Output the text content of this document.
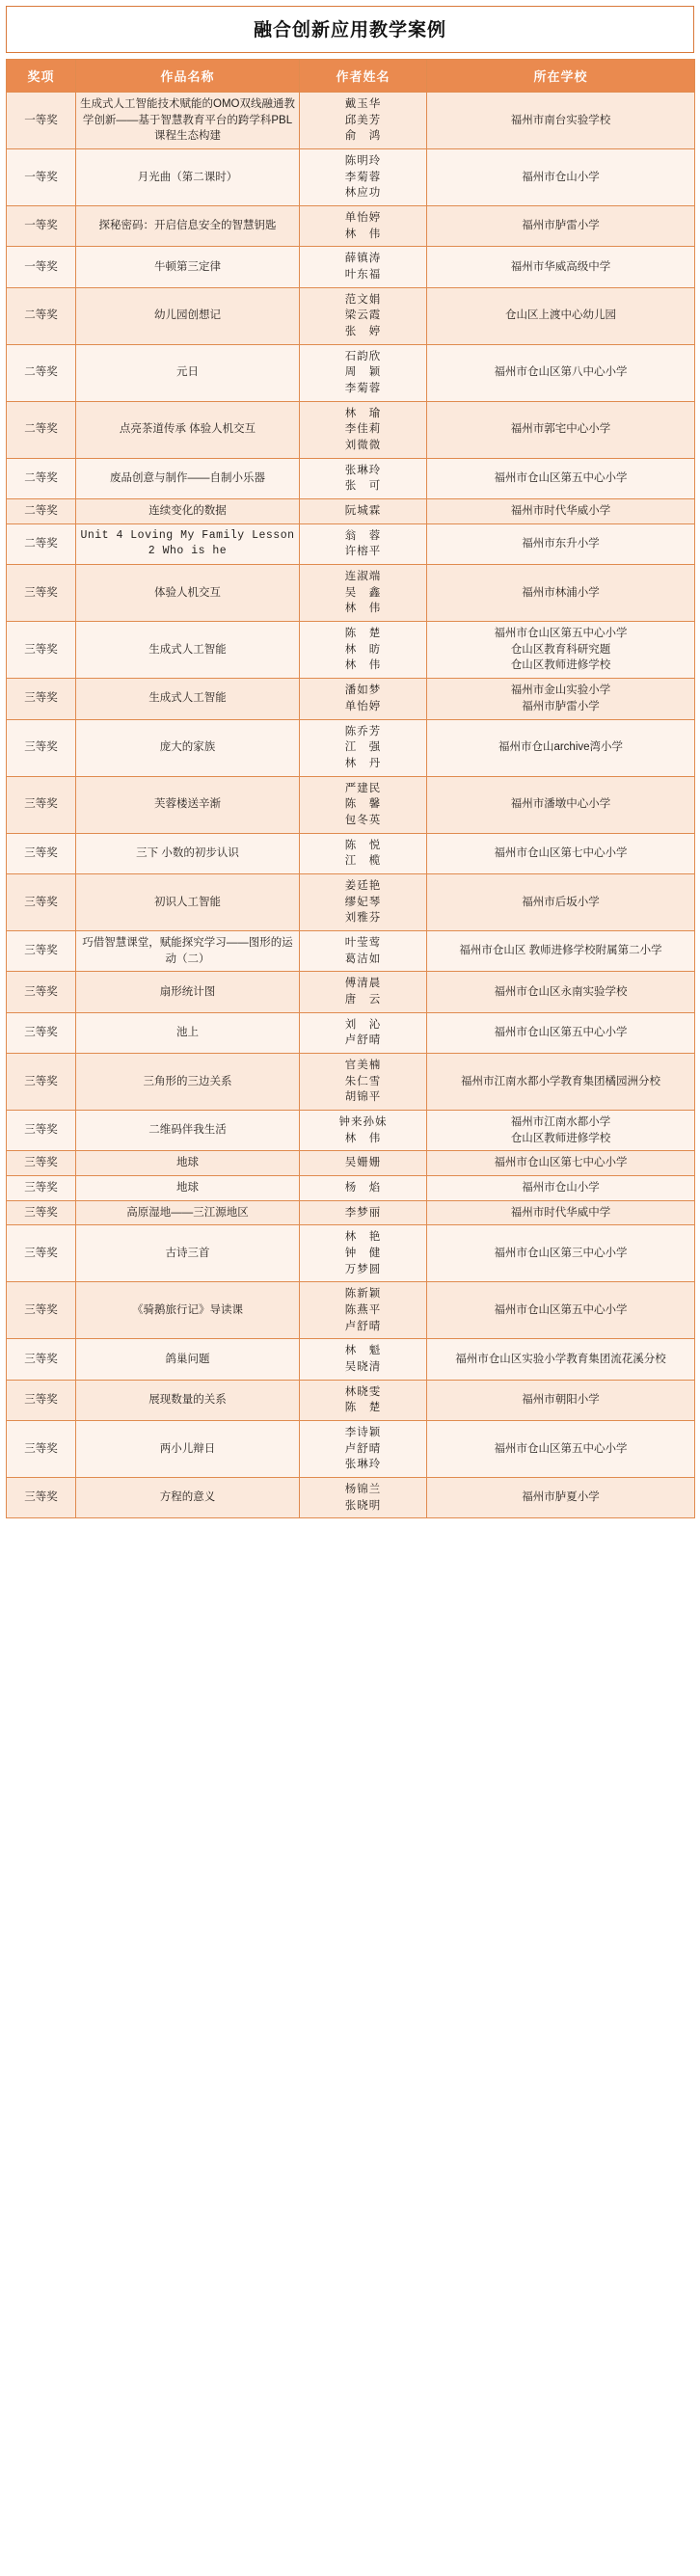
融合创新应用教学案例
奖项	作品名称	作者姓名	所在学校
一等奖	生成式人工智能技术赋能的OMO双线融通教学创新——基于智慧教育平台的跨学科PBL课程生态构建	戴玉华
邱美芳
俞　鸿	福州市南台实验学校

一等奖	月光曲（第二课时）	陈明玲
李菊蓉
林应功	福州市仓山小学

一等奖	探秘密码：开启信息安全的智慧钥匙	单怡婷
林　伟	福州市胪雷小学

一等奖	牛顿第三定律	薛镇涛
叶东福	福州市华威高级中学

二等奖	幼儿园创想记	范文娟
梁云霞
张　婷	仓山区上渡中心幼儿园

二等奖	元日	石韵欣
周　颖
李菊蓉	福州市仓山区第八中心小学

二等奖	点亮茶道传承 体验人机交互	林　瑜
李佳莉
刘微微	福州市郭宅中心小学

二等奖	废品创意与制作——自制小乐器	张琳玲
张　可	福州市仓山区第五中心小学

二等奖	连续变化的数据	阮城霖	福州市时代华威小学

二等奖	Unit 4 Loving My Family Lesson 2 Who is he	翁　蓉
许榕平	福州市东升小学

三等奖	体验人机交互	连淑端
吴　鑫
林　伟	福州市林浦小学

三等奖	生成式人工智能	陈　楚
林　昉
林　伟	福州市仓山区第五中心小学
仓山区教育科研究题
仓山区教师进修学校

三等奖	生成式人工智能	潘如梦
单怡婷	福州市金山实验小学
福州市胪雷小学

三等奖	庞大的家族	陈乔芳
江　强
林　丹	福州市仓山archive湾小学

三等奖	芙蓉楼送辛渐	严建民
陈　馨
包冬英	福州市潘墩中心小学

三等奖	三下 小数的初步认识	陈　悦
江　榄	福州市仓山区第七中心小学

三等奖	初识人工智能	姜廷艳
缪妃琴
刘雅芬	福州市后坂小学

三等奖	巧借智慧课堂，赋能探究学习——图形的运动（二）	叶莹莺
葛洁如	福州市仓山区 教师进修学校附属第二小学

三等奖	扇形统计图	傅清晨
唐　云	福州市仓山区永南实验学校

三等奖	池上	刘　沁
卢舒晴	福州市仓山区第五中心小学

三等奖	三角形的三边关系	官美楠
朱仁雪
胡锦平	福州市江南水都小学教育集团橘园洲分校

三等奖	二维码伴我生活	钟来孙妹
林　伟	福州市江南水都小学
仓山区教师进修学校

三等奖	地球	吴姗姗	福州市仓山区第七中心小学

三等奖	地球	杨　焰	福州市仓山小学

三等奖	高原湿地——三江源地区	李梦丽	福州市时代华威中学

三等奖	古诗三首	林　艳
钟　健
万梦圆	福州市仓山区第三中心小学

三等奖	《骑鹅旅行记》导读课	陈新颖
陈燕平
卢舒晴	福州市仓山区第五中心小学

三等奖	鸽巢问题	林　魁
吴晓清	福州市仓山区实验小学教育集团流花溪分校

三等奖	展现数量的关系	林晓雯
陈　楚	福州市朝阳小学

三等奖	两小儿辩日	李诗颖
卢舒晴
张琳玲	福州市仓山区第五中心小学

三等奖	方程的意义	杨锦兰
张晓明	福州市胪夏小学
